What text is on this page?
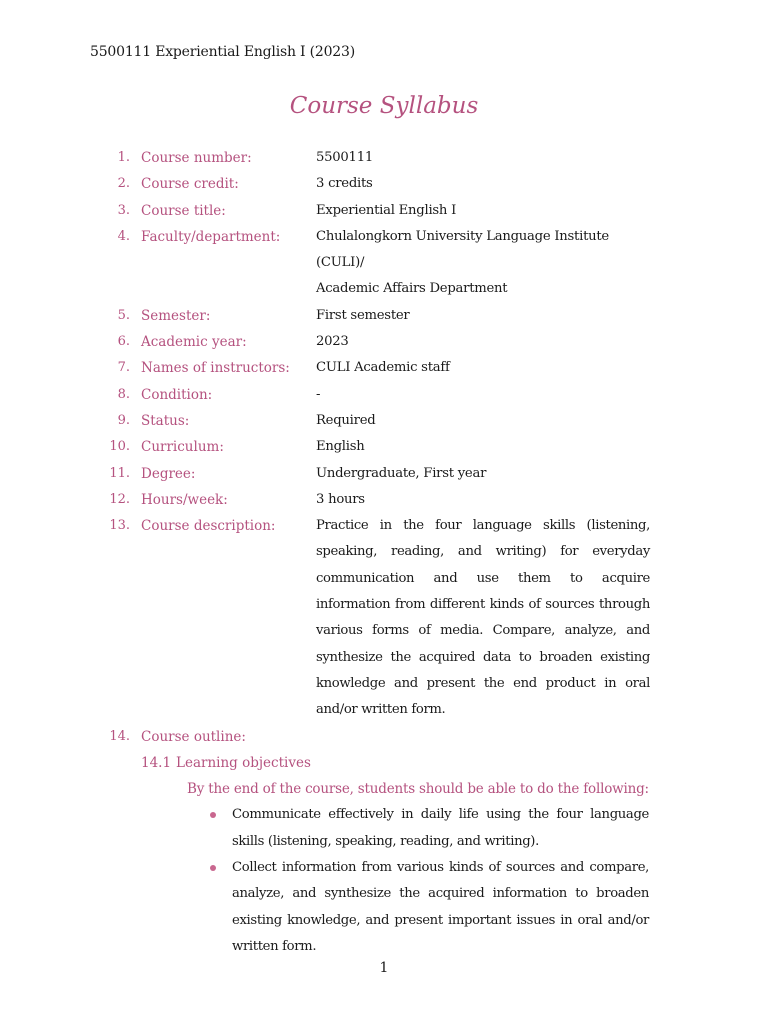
5500111 Experiential English I (2023)
Course Syllabus
1. Course number:	5500111
2. Course credit:	3 credits
3. Course title:	Experiential English I
4. Faculty/department:	Chulalongkorn University Language Institute (CULI)/
Academic Affairs Department
5. Semester:	First semester
6. Academic year:	2023
7. Names of instructors: CULI Academic staff
8. Condition:	-
9. Status:	Required
10. Curriculum:	English
11. Degree:	Undergraduate, First year
12. Hours/week:	3 hours
13. Course description:	Practice in the four language skills (listening, speaking, reading, and writing) for everyday communication and use them to acquire information from different kinds of sources through various forms of media. Compare, analyze, and synthesize the acquired data to broaden existing knowledge and present the end product in oral and/or written form.
14. Course outline:
14.1 Learning objectives
By the end of the course, students should be able to do the following:
Communicate effectively in daily life using the four language skills (listening, speaking, reading, and writing).
Collect information from various kinds of sources and compare, analyze, and synthesize the acquired information to broaden existing knowledge, and present important issues in oral and/or written form.
1
